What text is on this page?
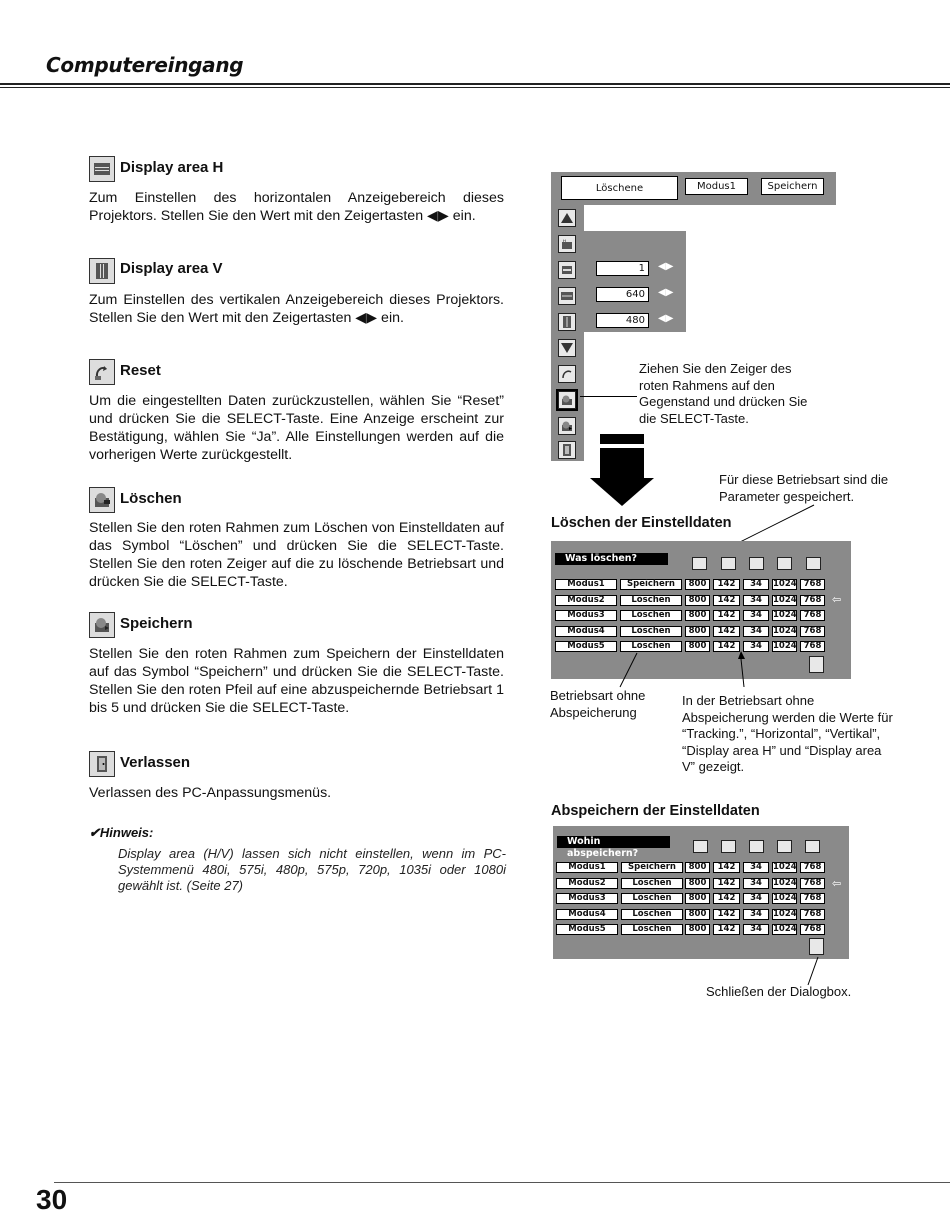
Computereingang
Display area H
Zum Einstellen des horizontalen Anzeigebereich dieses Projektors. Stellen Sie den Wert mit den Zeigertasten ◀▶ ein.
Display area V
Zum Einstellen des vertikalen Anzeigebereich dieses Projektors. Stellen Sie den Wert mit den Zeigertasten ◀▶ ein.
Reset
Um die eingestellten Daten zurückzustellen, wählen Sie “Reset” und drücken Sie die SELECT-Taste. Eine Anzeige erscheint zur Bestätigung, wählen Sie “Ja”. Alle Einstellungen werden auf die vorherigen Werte zurückgestellt.
Löschen
Stellen Sie den roten Rahmen zum Löschen von Einstelldaten auf das Symbol “Löschen” und drücken Sie die SELECT-Taste. Stellen Sie den roten Zeiger auf die zu löschende Betriebsart und drücken Sie die SELECT-Taste.
Speichern
Stellen Sie den roten Rahmen zum Speichern der Einstelldaten auf das Symbol “Speichern” und drücken Sie die SELECT-Taste. Stellen Sie den roten Pfeil auf eine abzuspeichernde Betriebsart 1 bis 5 und drücken Sie die SELECT-Taste.
Verlassen
Verlassen des PC-Anpassungsmenüs.
✔Hinweis:
Display area (H/V) lassen sich nicht einstellen, wenn im PC-Systemmenü 480i, 575i, 480p, 575p, 720p, 1035i oder 1080i gewählt ist. (Seite 27)
Löschene	Modus1	Speichern
H
1	◀▶
640	◀▶
480	◀▶
Ziehen Sie den Zeiger des roten Rahmens auf den Gegenstand und drücken Sie die SELECT-Taste.
Für diese Betriebsart sind die Parameter gespeichert.
Löschen der Einstelldaten
Was löschen?
Modus1	Speichern	800	142	34	1024 768
Modus2	Löschen	800	142	34	1024 768
Modus3	Löschen	800	142	34	1024 768
Modus4	Löschen	800	142	34	1024 768
Modus5	Löschen	800	142	34	1024 768
⇦
Betriebsart ohne Abspeicherung
In der Betriebsart ohne Abspeicherung werden die Werte für “Tracking.”, “Horizontal”, “Vertikal”, “Display area H” und “Display area V” gezeigt.
Abspeichern der Einstelldaten
Wohin abspeichern?
Modus1	Speichern	800	142	34	1024 768
Modus2	Löschen	800	142	34	1024 768
Modus3	Löschen	800	142	34	1024 768
Modus4	Löschen	800	142	34	1024 768
Modus5	Löschen	800	142	34	1024 768
⇦
Schließen der Dialogbox.
30
